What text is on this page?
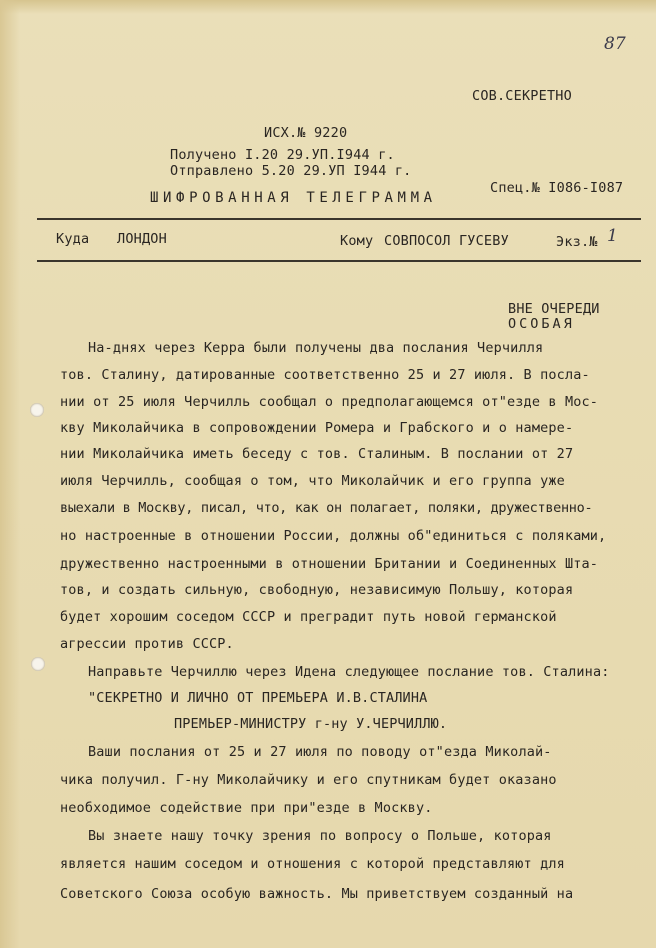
87
СОВ.СЕКРЕТНО
ИСХ.№ 9220
Получено I.20 29.УП.I944 г.
Отправлено 5.20 29.УП I944 г.
Спец.№ I086-I087
ШИФРОВАННАЯ ТЕЛЕГРАММА
Куда ЛОНДОН	Кому СОВПОСОЛ ГУСЕВУ	Экз.№ 1
ВНЕ ОЧЕРЕДИ
ОСОБАЯ
На-днях через Керра были получены два послания Черчилля
тов. Сталину, датированные соответственно 25 и 27 июля. В посла-
нии от 25 июля Черчилль сообщал о предполагающемся от"езде в Мос-
кву Миколайчика в сопровождении Ромера и Грабского и о намере-
нии Миколайчика иметь беседу с тов. Сталиным. В послании от 27
июля Черчилль, сообщая о том, что Миколайчик и его группа уже
выехали в Москву, писал, что, как он полагает, поляки, дружественно-
но настроенные в отношении России, должны об"единиться с поляками,
дружественно настроенными в отношении Британии и Соединенных Шта-
тов, и создать сильную, свободную, независимую Польшу, которая
будет хорошим соседом СССР и преградит путь новой германской
агрессии против СССР.
Направьте Черчиллю через Идена следующее послание тов. Сталина:
"СЕКРЕТНО И ЛИЧНО ОТ ПРЕМЬЕРА И.В.СТАЛИНА
ПРЕМЬЕР-МИНИСТРУ г-ну У.ЧЕРЧИЛЛЮ.
Ваши послания от 25 и 27 июля по поводу от"езда Миколай-
чика получил. Г-ну Миколайчику и его спутникам будет оказано
необходимое содействие при при"езде в Москву.
Вы знаете нашу точку зрения по вопросу о Польше, которая
является нашим соседом и отношения с которой представляют для
Советского Союза особую важность. Мы приветствуем созданный на
